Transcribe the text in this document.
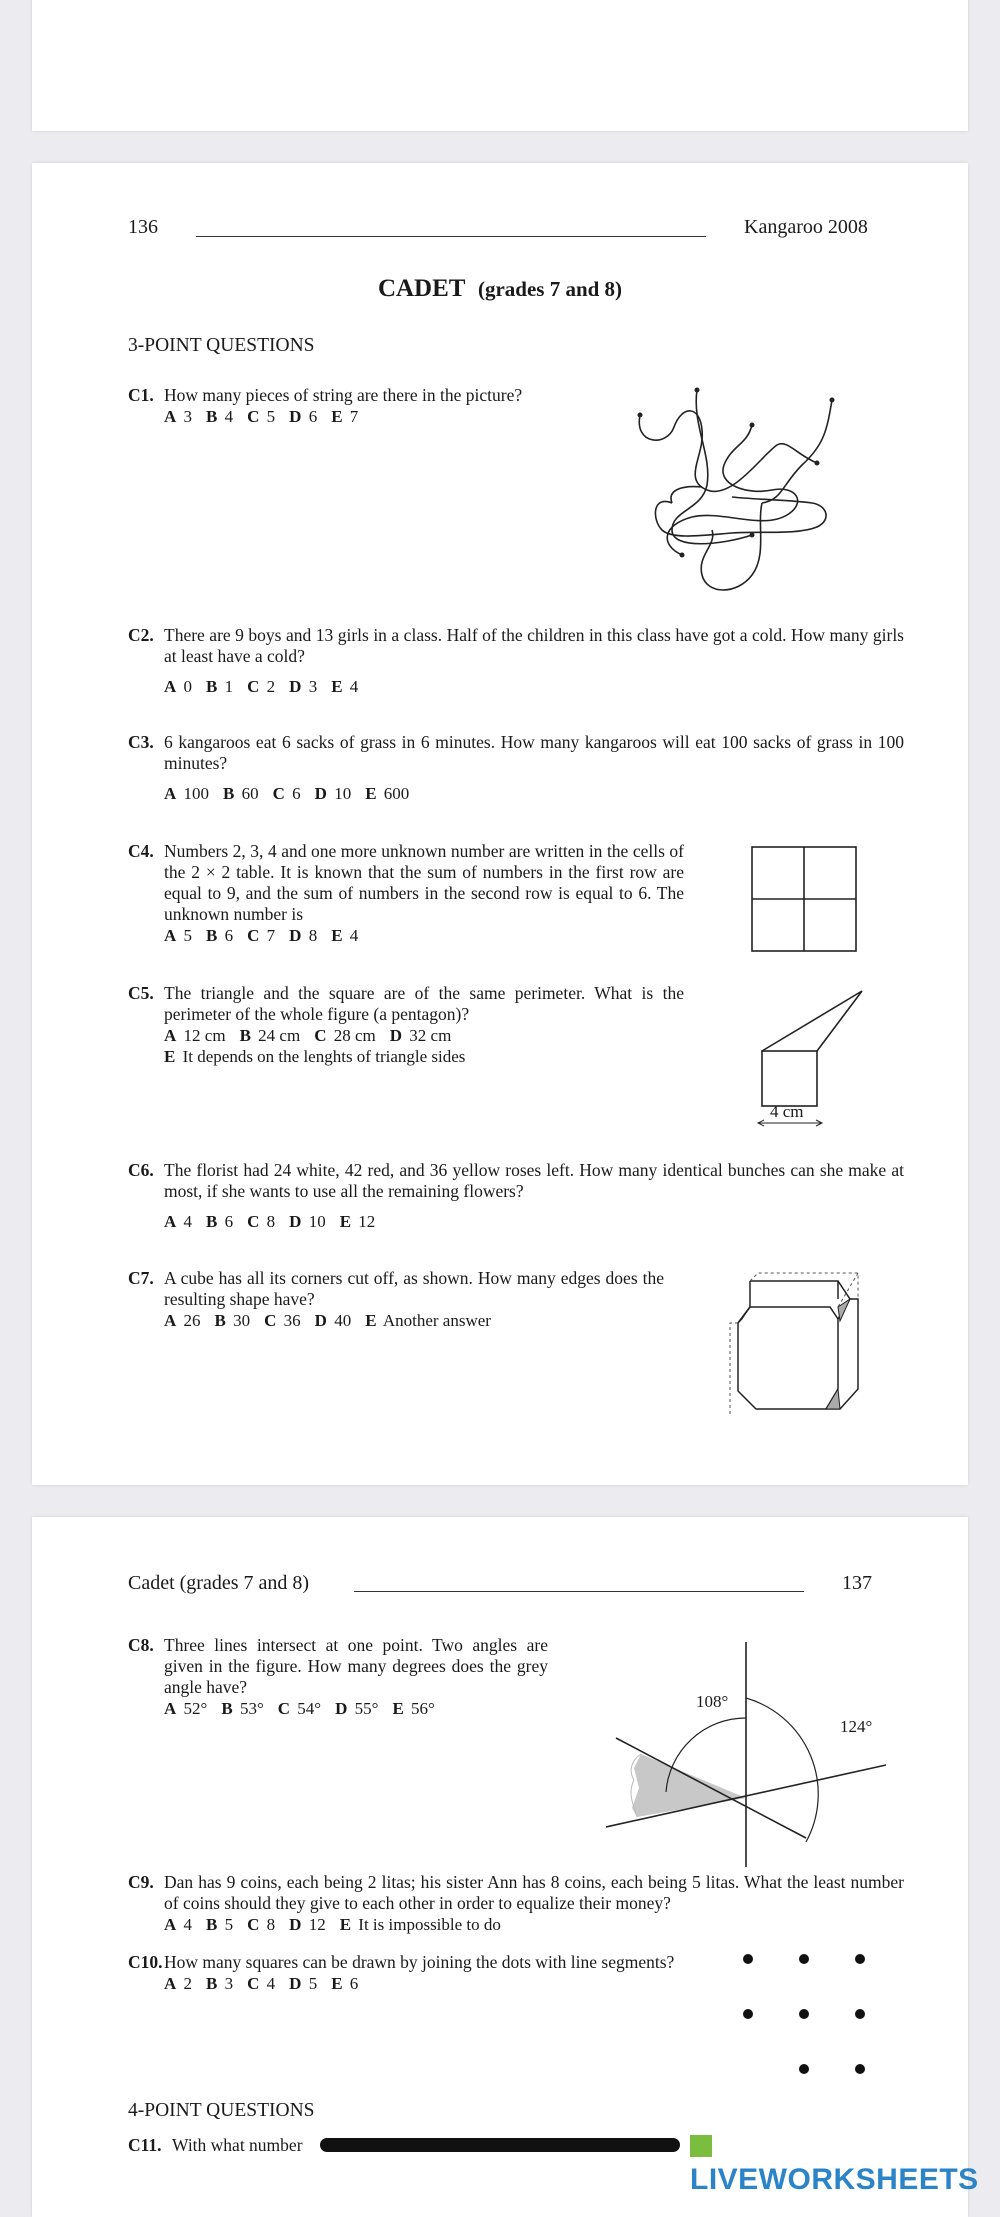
136	Kangaroo 2008
CADET (grades 7 and 8)
3-POINT QUESTIONS
C1. How many pieces of string are there in the picture?
A 3 B 4 C 5 D 6 E 7
C2. There are 9 boys and 13 girls in a class. Half of the children in this class have got a cold. How many girls at least have a cold?
A 0 B 1 C 2 D 3 E 4
C3. 6 kangaroos eat 6 sacks of grass in 6 minutes. How many kangaroos will eat 100 sacks of grass in 100 minutes?
A 100 B 60 C 6 D 10 E 600
C4. Numbers 2, 3, 4 and one more unknown number are written in the cells of the 2 × 2 table. It is known that the sum of numbers in the first row are equal to 9, and the sum of numbers in the second row is equal to 6. The unknown number is
A 5 B 6 C 7 D 8 E 4
C5. The triangle and the square are of the same perimeter. What is the perimeter of the whole figure (a pentagon)?
A 12 cm B 24 cm C 28 cm D 32 cm
E It depends on the lenghts of triangle sides
4 cm
C6. The florist had 24 white, 42 red, and 36 yellow roses left. How many identical bunches can she make at most, if she wants to use all the remaining flowers?
A 4 B 6 C 8 D 10 E 12
C7. A cube has all its corners cut off, as shown. How many edges does the resulting shape have?
A 26 B 30 C 36 D 40 E Another answer
Cadet (grades 7 and 8)	137
C8. Three lines intersect at one point. Two angles are given in the figure. How many degrees does the grey angle have?
A 52° B 53° C 54° D 55° E 56°	108°
124°
C9. Dan has 9 coins, each being 2 litas; his sister Ann has 8 coins, each being 5 litas. What the least number of coins should they give to each other in order to equalize their money?
A 4 B 5 C 8 D 12 E It is impossible to do
C10. How many squares can be drawn by joining the dots with line segments?
A 2 B 3 C 4 D 5 E 6
4-POINT QUESTIONS
C11. With what number
LIVEWORKSHEETS
